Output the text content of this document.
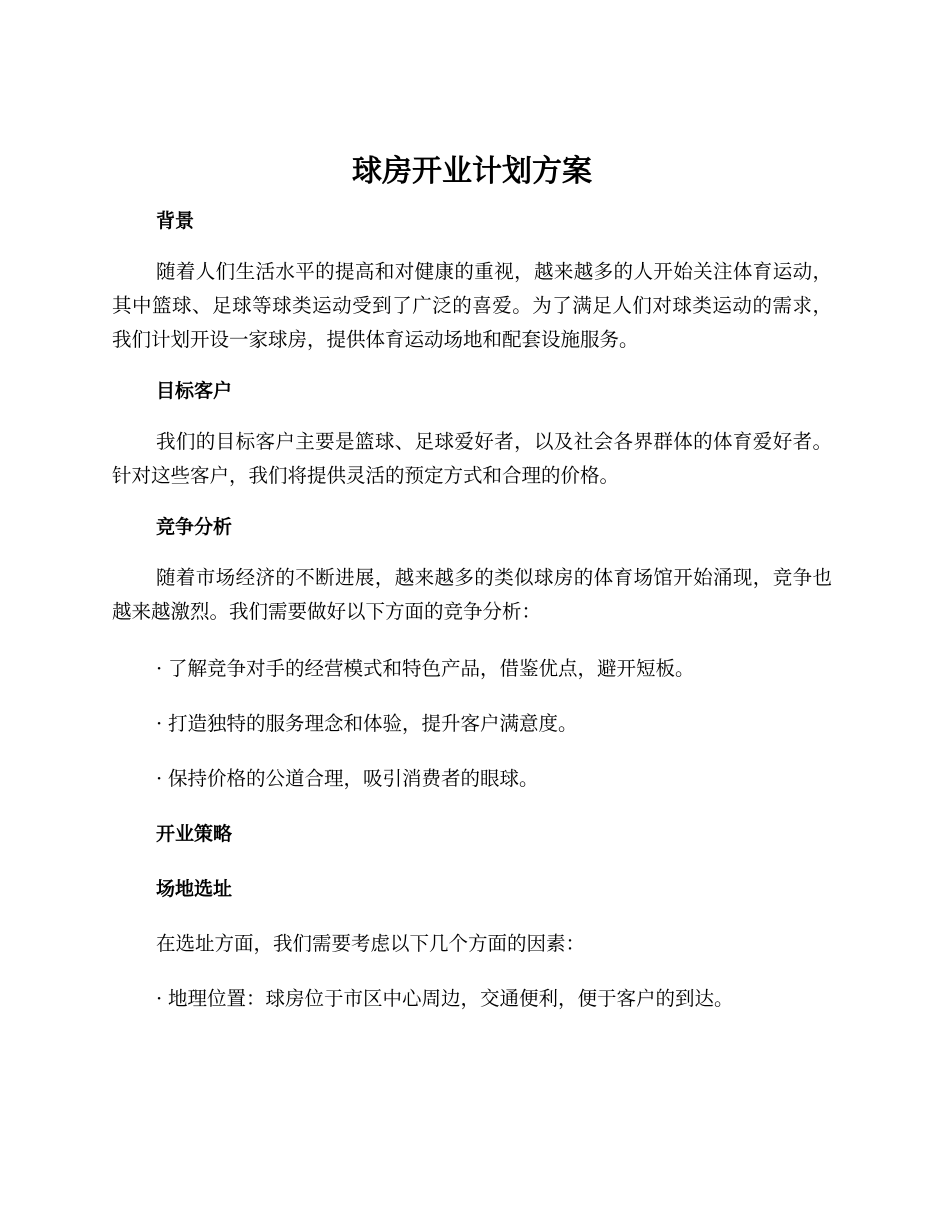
球房开业计划方案
背景

随着人们生活水平的提高和对健康的重视，越来越多的人开始关注体育运动，其中篮球、足球等球类运动受到了广泛的喜爱。为了满足人们对球类运动的需求，我们计划开设一家球房，提供体育运动场地和配套设施服务。

目标客户

我们的目标客户主要是篮球、足球爱好者，以及社会各界群体的体育爱好者。针对这些客户，我们将提供灵活的预定方式和合理的价格。

竞争分析

随着市场经济的不断进展，越来越多的类似球房的体育场馆开始涌现，竞争也越来越激烈。我们需要做好以下方面的竞争分析：

· 了解竞争对手的经营模式和特色产品，借鉴优点，避开短板。
· 打造独特的服务理念和体验，提升客户满意度。
· 保持价格的公道合理，吸引消费者的眼球。
开业策略
场地选址
在选址方面，我们需要考虑以下几个方面的因素：
· 地理位置：球房位于市区中心周边，交通便利，便于客户的到达。
